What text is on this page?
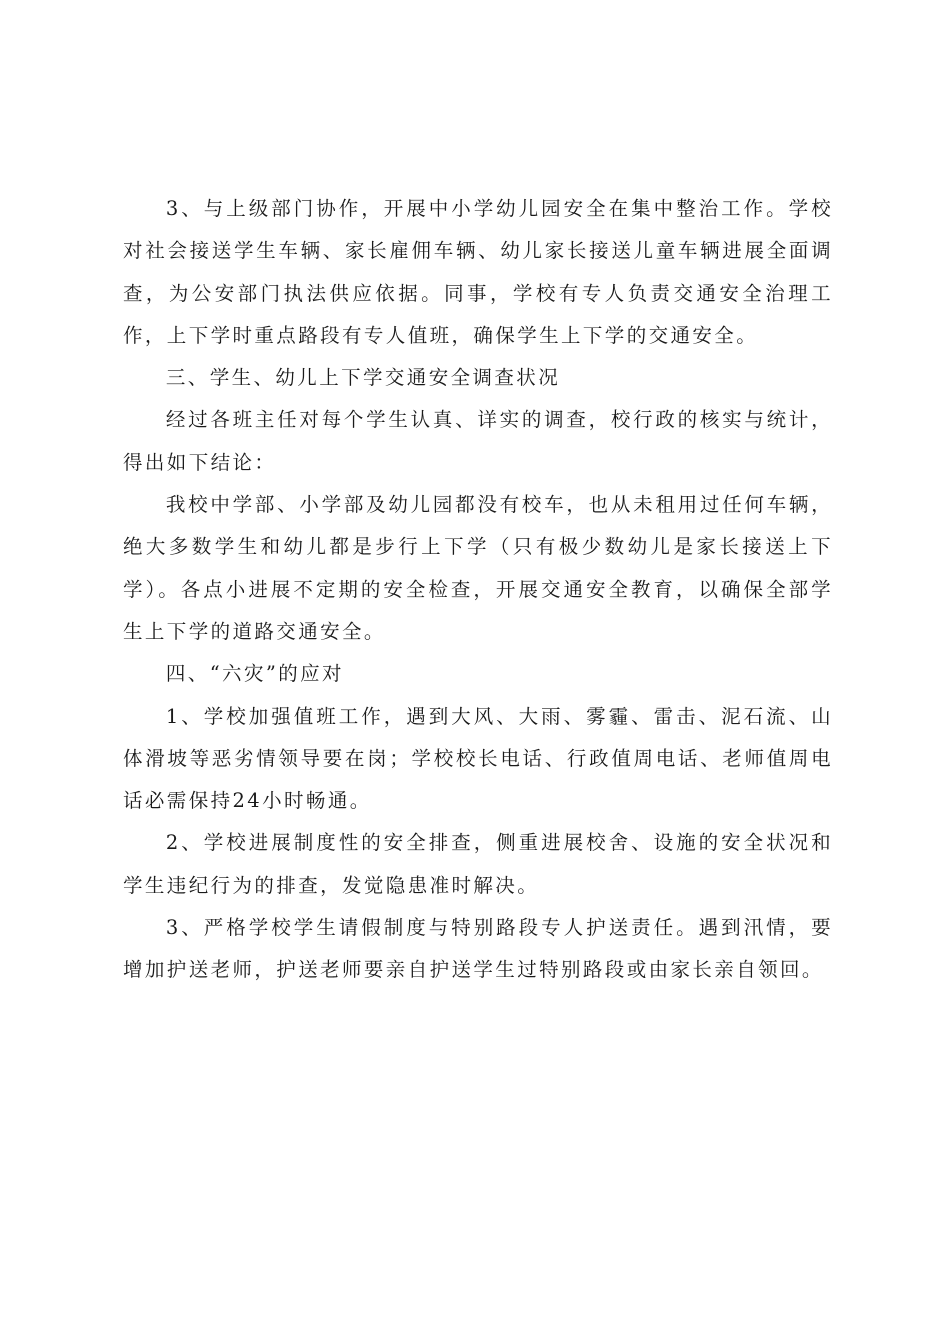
3、与上级部门协作，开展中小学幼儿园安全在集中整治工作。学校对社会接送学生车辆、家长雇佣车辆、幼儿家长接送儿童车辆进展全面调查，为公安部门执法供应依据。同事，学校有专人负责交通安全治理工作，上下学时重点路段有专人值班，确保学生上下学的交通安全。

三、学生、幼儿上下学交通安全调查状况

经过各班主任对每个学生认真、详实的调查，校行政的核实与统计，得出如下结论：

我校中学部、小学部及幼儿园都没有校车，也从未租用过任何车辆，绝大多数学生和幼儿都是步行上下学（只有极少数幼儿是家长接送上下学）。各点小进展不定期的安全检查，开展交通安全教育，以确保全部学生上下学的道路交通安全。

四、“六灾”的应对

1、学校加强值班工作，遇到大风、大雨、雾霾、雷击、泥石流、山体滑坡等恶劣情领导要在岗；学校校长电话、行政值周电话、老师值周电话必需保持24小时畅通。

2、学校进展制度性的安全排查，侧重进展校舍、设施的安全状况和学生违纪行为的排查，发觉隐患准时解决。

3、严格学校学生请假制度与特别路段专人护送责任。遇到汛情，要增加护送老师，护送老师要亲自护送学生过特别路段或由家长亲自领回。
